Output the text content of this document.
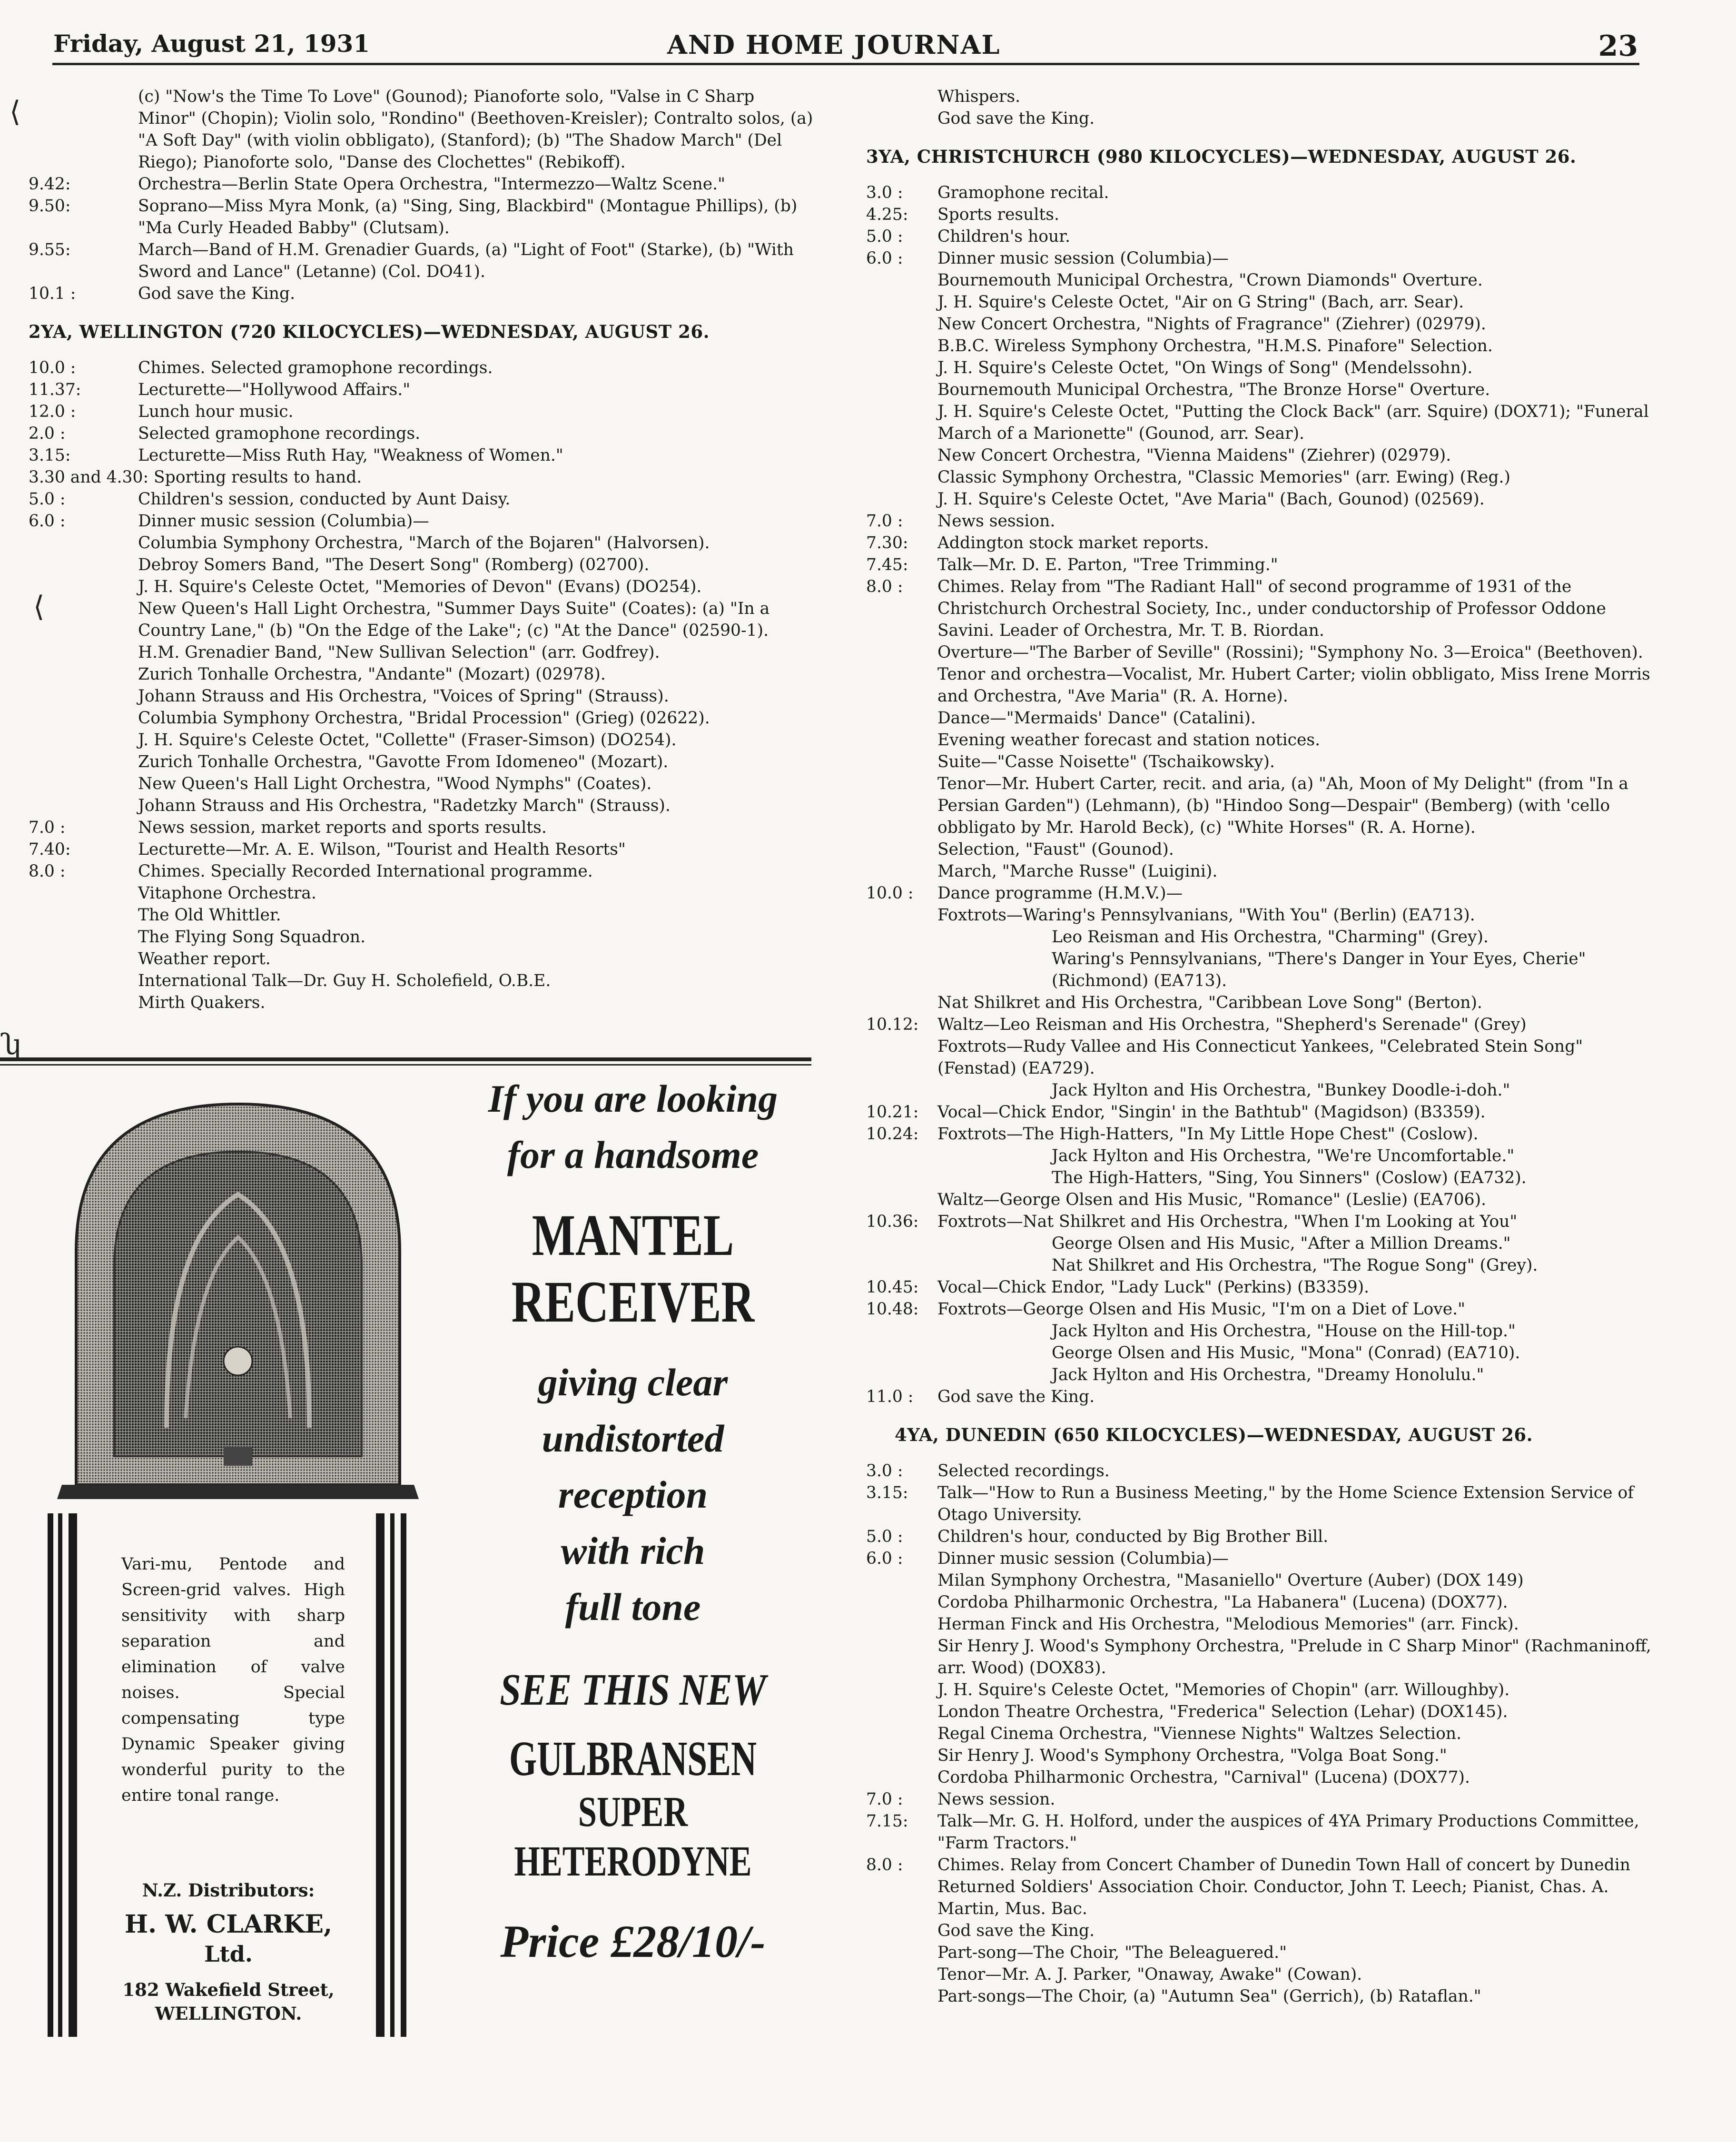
Friday, August 21, 1931	AND HOME JOURNAL	23
(c) "Now's the Time To Love" (Gounod); Pianoforte solo, "Valse in C Sharp Minor" (Chopin); Violin solo, "Rondino" (Beethoven-Kreisler); Contralto solos, (a) "A Soft Day" (with violin obbligato), (Stanford); (b) "The Shadow March" (Del Riego); Pianoforte solo, "Danse des Clochettes" (Rebikoff).
9.42:	Orchestra—Berlin State Opera Orchestra, "Intermezzo—Waltz Scene."
9.50:	Soprano—Miss Myra Monk, (a) "Sing, Sing, Blackbird" (Montague Phillips), (b) "Ma Curly Headed Babby" (Clutsam).
9.55:	March—Band of H.M. Grenadier Guards, (a) "Light of Foot" (Starke), (b) "With Sword and Lance" (Letanne) (Col. DO41).
10.1 :	God save the King.
2YA, WELLINGTON (720 KILOCYCLES)—WEDNESDAY, AUGUST 26.
10.0 :	Chimes. Selected gramophone recordings.
11.37:	Lecturette—"Hollywood Affairs."
12.0 :	Lunch hour music.
2.0 :	Selected gramophone recordings.
3.15:	Lecturette—Miss Ruth Hay, "Weakness of Women."
3.30 and 4.30: Sporting results to hand.
5.0 :	Children's session, conducted by Aunt Daisy.
6.0 :	Dinner music session (Columbia)—
Columbia Symphony Orchestra, "March of the Bojaren" (Halvorsen).
Debroy Somers Band, "The Desert Song" (Romberg) (02700).
J. H. Squire's Celeste Octet, "Memories of Devon" (Evans) (DO254).
New Queen's Hall Light Orchestra, "Summer Days Suite" (Coates): (a) "In a Country Lane," (b) "On the Edge of the Lake"; (c) "At the Dance" (02590-1).
H.M. Grenadier Band, "New Sullivan Selection" (arr. Godfrey).
Zurich Tonhalle Orchestra, "Andante" (Mozart) (02978).
Johann Strauss and His Orchestra, "Voices of Spring" (Strauss).
Columbia Symphony Orchestra, "Bridal Procession" (Grieg) (02622).
J. H. Squire's Celeste Octet, "Collette" (Fraser-Simson) (DO254).
Zurich Tonhalle Orchestra, "Gavotte From Idomeneo" (Mozart).
New Queen's Hall Light Orchestra, "Wood Nymphs" (Coates).
Johann Strauss and His Orchestra, "Radetzky March" (Strauss).
7.0 :	News session, market reports and sports results.
7.40:	Lecturette—Mr. A. E. Wilson, "Tourist and Health Resorts"
8.0 :	Chimes. Specially Recorded International programme.
Vitaphone Orchestra.
The Old Whittler.
The Flying Song Squadron.
Weather report.
International Talk—Dr. Guy H. Scholefield, O.B.E.
Mirth Quakers.
Vari-mu, Pentode and Screen-grid valves. High sensitivity with sharp separation and elimination of valve noises. Special compensating type Dynamic Speaker giving wonderful purity to the entire tonal range.
N.Z. Distributors:
H. W. CLARKE,
Ltd.
182 Wakefield Street,
WELLINGTON.
If you are looking
for a handsome
MANTEL
RECEIVER
giving clear
undistorted
reception
with rich
full tone
SEE THIS NEW
GULBRANSEN
SUPER
HETERODYNE
Price £28/10/-
Whispers.
God save the King.
3YA, CHRISTCHURCH (980 KILOCYCLES)—WEDNESDAY, AUGUST 26.
3.0 :	Gramophone recital.
4.25:	Sports results.
5.0 :	Children's hour.
6.0 :	Dinner music session (Columbia)—
Bournemouth Municipal Orchestra, "Crown Diamonds" Overture.
J. H. Squire's Celeste Octet, "Air on G String" (Bach, arr. Sear).
New Concert Orchestra, "Nights of Fragrance" (Ziehrer) (02979).
B.B.C. Wireless Symphony Orchestra, "H.M.S. Pinafore" Selection.
J. H. Squire's Celeste Octet, "On Wings of Song" (Mendelssohn).
Bournemouth Municipal Orchestra, "The Bronze Horse" Overture.
J. H. Squire's Celeste Octet, "Putting the Clock Back" (arr. Squire) (DOX71); "Funeral March of a Marionette" (Gounod, arr. Sear).
New Concert Orchestra, "Vienna Maidens" (Ziehrer) (02979).
Classic Symphony Orchestra, "Classic Memories" (arr. Ewing) (Reg.)
J. H. Squire's Celeste Octet, "Ave Maria" (Bach, Gounod) (02569).
7.0 :	News session.
7.30:	Addington stock market reports.
7.45:	Talk—Mr. D. E. Parton, "Tree Trimming."
8.0 :	Chimes. Relay from "The Radiant Hall" of second programme of 1931 of the Christchurch Orchestral Society, Inc., under conductorship of Professor Oddone Savini. Leader of Orchestra, Mr. T. B. Riordan.
Overture—"The Barber of Seville" (Rossini); "Symphony No. 3—Eroica" (Beethoven).
Tenor and orchestra—Vocalist, Mr. Hubert Carter; violin obbligato, Miss Irene Morris and Orchestra, "Ave Maria" (R. A. Horne).
Dance—"Mermaids' Dance" (Catalini).
Evening weather forecast and station notices.
Suite—"Casse Noisette" (Tschaikowsky).
Tenor—Mr. Hubert Carter, recit. and aria, (a) "Ah, Moon of My Delight" (from "In a Persian Garden") (Lehmann), (b) "Hindoo Song—Despair" (Bemberg) (with 'cello obbligato by Mr. Harold Beck), (c) "White Horses" (R. A. Horne).
Selection, "Faust" (Gounod).
March, "Marche Russe" (Luigini).
10.0 :	Dance programme (H.M.V.)—
Foxtrots—Waring's Pennsylvanians, "With You" (Berlin) (EA713).
Leo Reisman and His Orchestra, "Charming" (Grey).
Waring's Pennsylvanians, "There's Danger in Your Eyes, Cherie" (Richmond) (EA713).
Nat Shilkret and His Orchestra, "Caribbean Love Song" (Berton).
10.12:	Waltz—Leo Reisman and His Orchestra, "Shepherd's Serenade" (Grey)
Foxtrots—Rudy Vallee and His Connecticut Yankees, "Celebrated Stein Song" (Fenstad) (EA729).
Jack Hylton and His Orchestra, "Bunkey Doodle-i-doh."
10.21:	Vocal—Chick Endor, "Singin' in the Bathtub" (Magidson) (B3359).
10.24:	Foxtrots—The High-Hatters, "In My Little Hope Chest" (Coslow).
Jack Hylton and His Orchestra, "We're Uncomfortable."
The High-Hatters, "Sing, You Sinners" (Coslow) (EA732).
Waltz—George Olsen and His Music, "Romance" (Leslie) (EA706).
10.36:	Foxtrots—Nat Shilkret and His Orchestra, "When I'm Looking at You"
George Olsen and His Music, "After a Million Dreams."
Nat Shilkret and His Orchestra, "The Rogue Song" (Grey).
10.45:	Vocal—Chick Endor, "Lady Luck" (Perkins) (B3359).
10.48:	Foxtrots—George Olsen and His Music, "I'm on a Diet of Love."
Jack Hylton and His Orchestra, "House on the Hill-top."
George Olsen and His Music, "Mona" (Conrad) (EA710).
Jack Hylton and His Orchestra, "Dreamy Honolulu."
11.0 :	God save the King.
4YA, DUNEDIN (650 KILOCYCLES)—WEDNESDAY, AUGUST 26.
3.0 :	Selected recordings.
3.15:	Talk—"How to Run a Business Meeting," by the Home Science Extension Service of Otago University.
5.0 :	Children's hour, conducted by Big Brother Bill.
6.0 :	Dinner music session (Columbia)—
Milan Symphony Orchestra, "Masaniello" Overture (Auber) (DOX 149)
Cordoba Philharmonic Orchestra, "La Habanera" (Lucena) (DOX77).
Herman Finck and His Orchestra, "Melodious Memories" (arr. Finck).
Sir Henry J. Wood's Symphony Orchestra, "Prelude in C Sharp Minor" (Rachmaninoff, arr. Wood) (DOX83).
J. H. Squire's Celeste Octet, "Memories of Chopin" (arr. Willoughby).
London Theatre Orchestra, "Frederica" Selection (Lehar) (DOX145).
Regal Cinema Orchestra, "Viennese Nights" Waltzes Selection.
Sir Henry J. Wood's Symphony Orchestra, "Volga Boat Song."
Cordoba Philharmonic Orchestra, "Carnival" (Lucena) (DOX77).
7.0 :	News session.
7.15:	Talk—Mr. G. H. Holford, under the auspices of 4YA Primary Productions Committee, "Farm Tractors."
8.0 :	Chimes. Relay from Concert Chamber of Dunedin Town Hall of concert by Dunedin Returned Soldiers' Association Choir. Conductor, John T. Leech; Pianist, Chas. A. Martin, Mus. Bac.
God save the King.
Part-song—The Choir, "The Beleaguered."
Tenor—Mr. A. J. Parker, "Onaway, Awake" (Cowan).
Part-songs—The Choir, (a) "Autumn Sea" (Gerrich), (b) Rataflan."
⟨
⟨
ʮ
